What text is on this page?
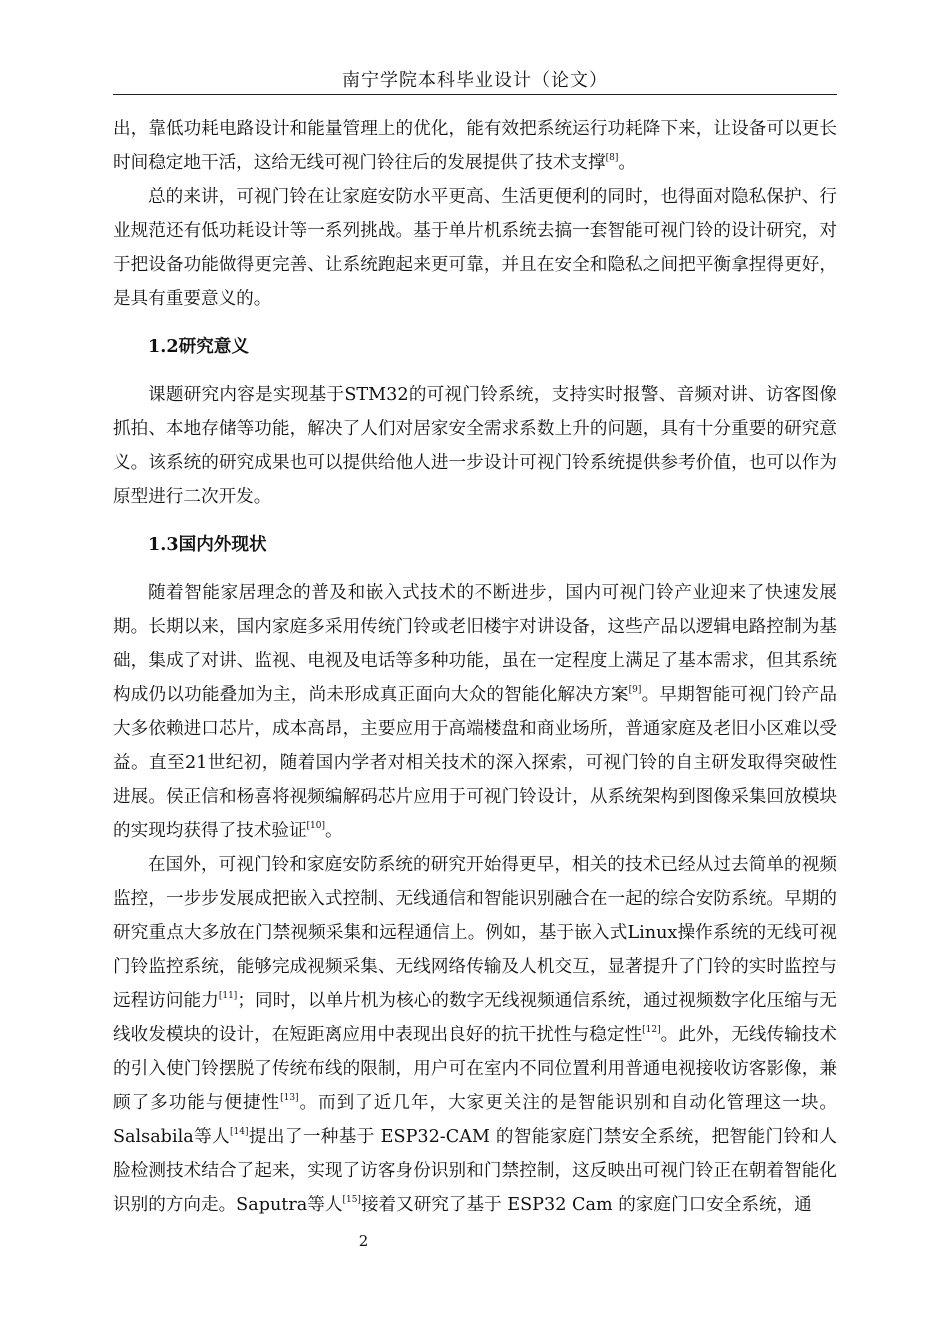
南宁学院本科毕业设计（论文）

出，靠低功耗电路设计和能量管理上的优化，能有效把系统运行功耗降下来，让设备可以更长时间稳定地干活，这给无线可视门铃往后的发展提供了技术支撑[8]。

总的来讲，可视门铃在让家庭安防水平更高、生活更便利的同时，也得面对隐私保护、行业规范还有低功耗设计等一系列挑战。基于单片机系统去搞一套智能可视门铃的设计研究，对于把设备功能做得更完善、让系统跑起来更可靠，并且在安全和隐私之间把平衡拿捏得更好，是具有重要意义的。

1.2研究意义

课题研究内容是实现基于STM32的可视门铃系统，支持实时报警、音频对讲、访客图像抓拍、本地存储等功能，解决了人们对居家安全需求系数上升的问题，具有十分重要的研究意义。该系统的研究成果也可以提供给他人进一步设计可视门铃系统提供参考价值，也可以作为原型进行二次开发。

1.3国内外现状

随着智能家居理念的普及和嵌入式技术的不断进步，国内可视门铃产业迎来了快速发展期。长期以来，国内家庭多采用传统门铃或老旧楼宇对讲设备，这些产品以逻辑电路控制为基础，集成了对讲、监视、电视及电话等多种功能，虽在一定程度上满足了基本需求，但其系统构成仍以功能叠加为主，尚未形成真正面向大众的智能化解决方案[9]。早期智能可视门铃产品大多依赖进口芯片，成本高昂，主要应用于高端楼盘和商业场所，普通家庭及老旧小区难以受益。直至21世纪初，随着国内学者对相关技术的深入探索，可视门铃的自主研发取得突破性进展。侯正信和杨喜将视频编解码芯片应用于可视门铃设计，从系统架构到图像采集回放模块的实现均获得了技术验证[10]。

在国外，可视门铃和家庭安防系统的研究开始得更早，相关的技术已经从过去简单的视频监控，一步步发展成把嵌入式控制、无线通信和智能识别融合在一起的综合安防系统。早期的研究重点大多放在门禁视频采集和远程通信上。例如，基于嵌入式Linux操作系统的无线可视门铃监控系统，能够完成视频采集、无线网络传输及人机交互，显著提升了门铃的实时监控与远程访问能力[11]；同时，以单片机为核心的数字无线视频通信系统，通过视频数字化压缩与无线收发模块的设计，在短距离应用中表现出良好的抗干扰性与稳定性[12]。此外，无线传输技术的引入使门铃摆脱了传统布线的限制，用户可在室内不同位置利用普通电视接收访客影像，兼顾了多功能与便捷性[13]。而到了近几年，大家更关注的是智能识别和自动化管理这一块。Salsabila等人[14]提出了一种基于 ESP32-CAM 的智能家庭门禁安全系统，把智能门铃和人脸检测技术结合了起来，实现了访客身份识别和门禁控制，这反映出可视门铃正在朝着智能化识别的方向走。Saputra等人[15]接着又研究了基于 ESP32 Cam 的家庭门口安全系统，通

2
